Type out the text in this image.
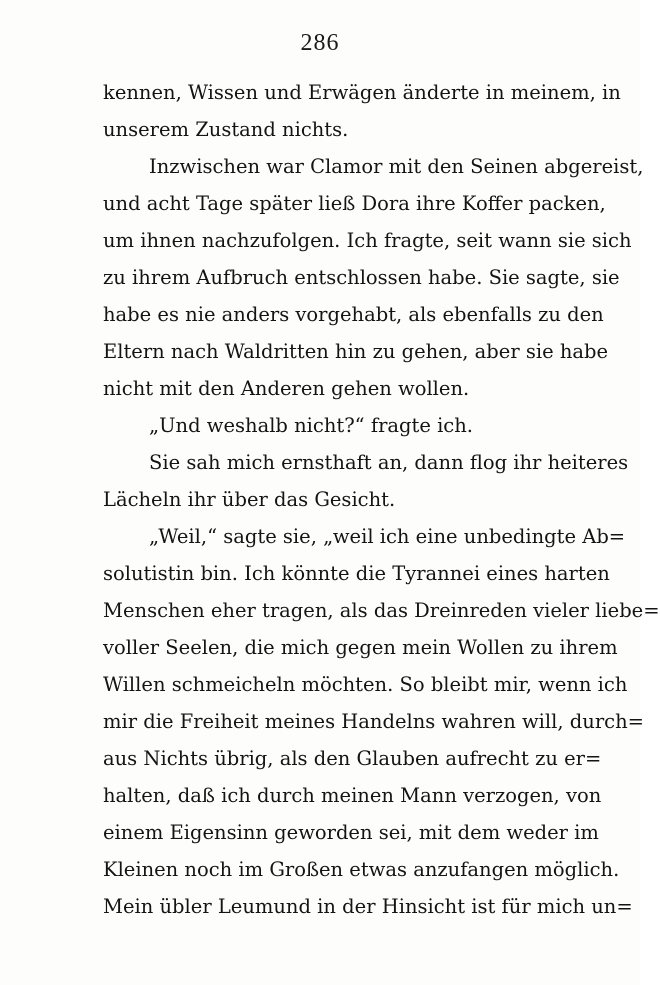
286
kennen, Wissen und Erwägen änderte in meinem, in
unserem Zustand nichts.
Inzwischen war Clamor mit den Seinen abgereist,
und acht Tage später ließ Dora ihre Koffer packen,
um ihnen nachzufolgen. Ich fragte, seit wann sie sich
zu ihrem Aufbruch entschlossen habe. Sie sagte, sie
habe es nie anders vorgehabt, als ebenfalls zu den
Eltern nach Waldritten hin zu gehen, aber sie habe
nicht mit den Anderen gehen wollen.
„Und weshalb nicht?“ fragte ich.
Sie sah mich ernsthaft an, dann flog ihr heiteres
Lächeln ihr über das Gesicht.
„Weil,“ sagte sie, „weil ich eine unbedingte Ab=
solutistin bin. Ich könnte die Tyrannei eines harten
Menschen eher tragen, als das Dreinreden vieler liebe=
voller Seelen, die mich gegen mein Wollen zu ihrem
Willen schmeicheln möchten. So bleibt mir, wenn ich
mir die Freiheit meines Handelns wahren will, durch=
aus Nichts übrig, als den Glauben aufrecht zu er=
halten, daß ich durch meinen Mann verzogen, von
einem Eigensinn geworden sei, mit dem weder im
Kleinen noch im Großen etwas anzufangen möglich.
Mein übler Leumund in der Hinsicht ist für mich un=
